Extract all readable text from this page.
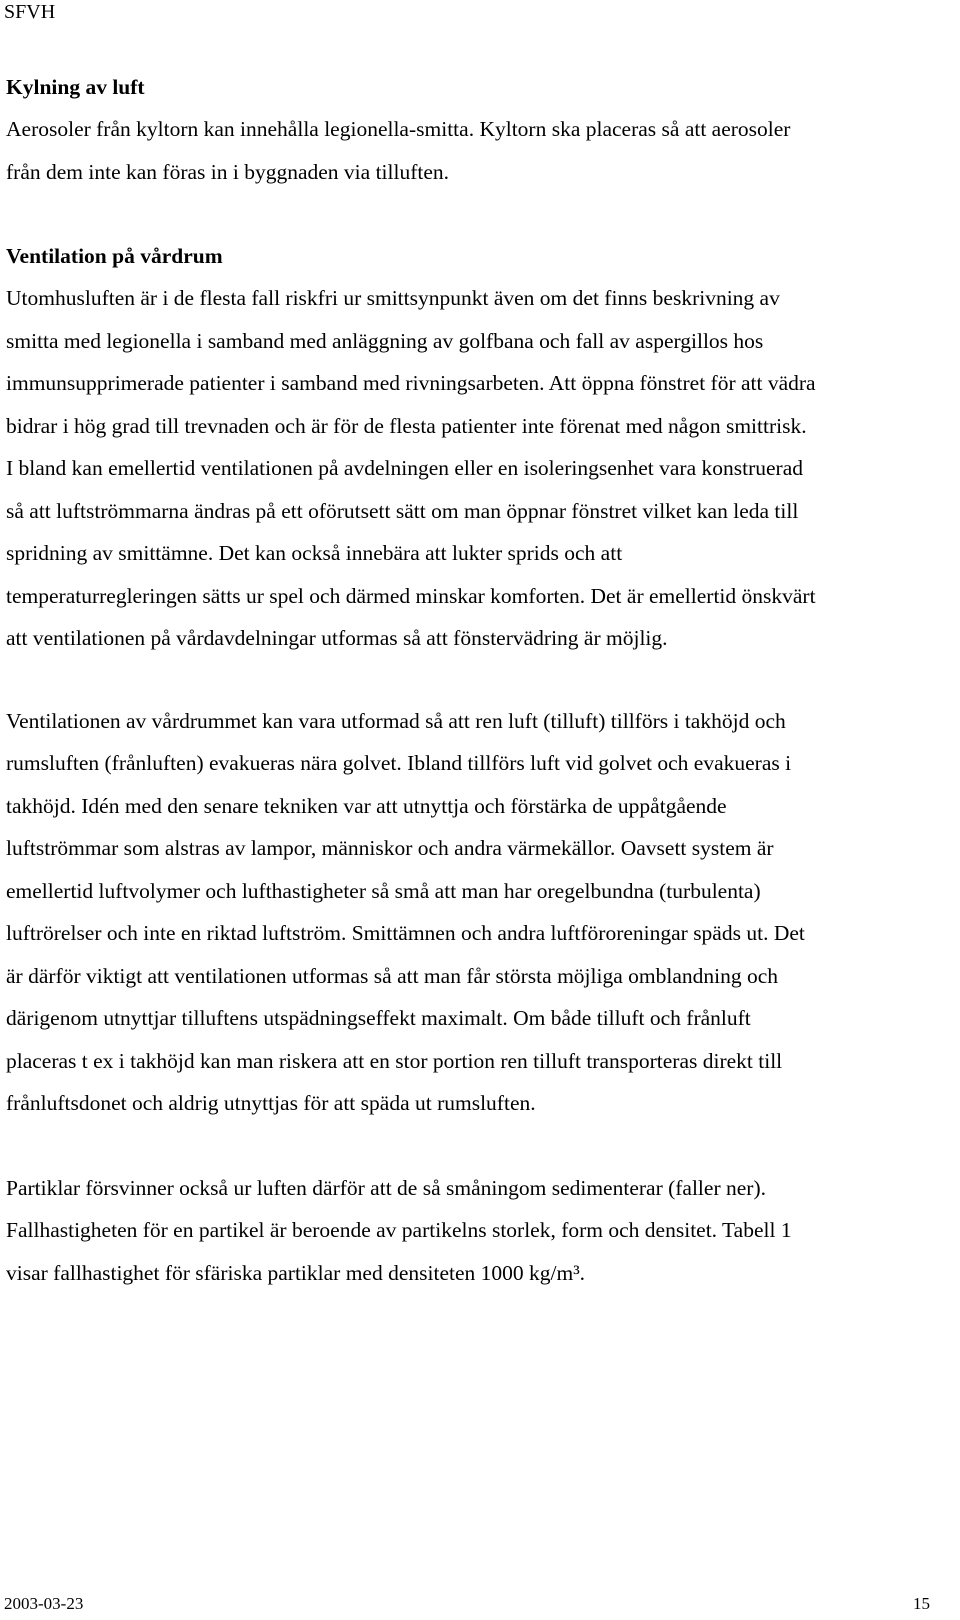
SFVH
Kylning av luft
Aerosoler från kyltorn kan innehålla legionella-smitta. Kyltorn ska placeras så att aerosoler
från dem inte kan föras in i byggnaden via tilluften.
Ventilation på vårdrum
Utomhusluften är i de flesta fall riskfri ur smittsynpunkt även om det finns beskrivning av
smitta med legionella i samband med anläggning av golfbana och fall av aspergillos hos
immunsupprimerade patienter i samband med rivningsarbeten. Att öppna fönstret för att vädra
bidrar i hög grad till trevnaden och är för de flesta patienter inte förenat med någon smittrisk.
I bland kan emellertid ventilationen på avdelningen eller en isoleringsenhet vara konstruerad
så att luftströmmarna ändras på ett oförutsett sätt om man öppnar fönstret vilket kan leda till
spridning av smittämne. Det kan också innebära att lukter sprids och att
temperaturregleringen sätts ur spel och därmed minskar komforten. Det är emellertid önskvärt
att ventilationen på vårdavdelningar utformas så att fönstervädring är möjlig.
Ventilationen av vårdrummet kan vara utformad så att ren luft (tilluft) tillförs i takhöjd och
rumsluften (frånluften) evakueras nära golvet. Ibland tillförs luft vid golvet och evakueras i
takhöjd. Idén med den senare tekniken var att utnyttja och förstärka de uppåtgående
luftströmmar som alstras av lampor, människor och andra värmekällor. Oavsett system är
emellertid luftvolymer och lufthastigheter så små att man har oregelbundna (turbulenta)
luftrörelser och inte en riktad luftström. Smittämnen och andra luftföroreningar späds ut. Det
är därför viktigt att ventilationen utformas så att man får största möjliga omblandning och
därigenom utnyttjar tilluftens utspädningseffekt maximalt. Om både tilluft och frånluft
placeras t ex i takhöjd kan man riskera att en stor portion ren tilluft transporteras direkt till
frånluftsdonet och aldrig utnyttjas för att späda ut rumsluften.
Partiklar försvinner också ur luften därför att de så småningom sedimenterar (faller ner).
Fallhastigheten för en partikel är beroende av partikelns storlek, form och densitet. Tabell 1
visar fallhastighet för sfäriska partiklar med densiteten 1000 kg/m³.
2003-03-23	15
